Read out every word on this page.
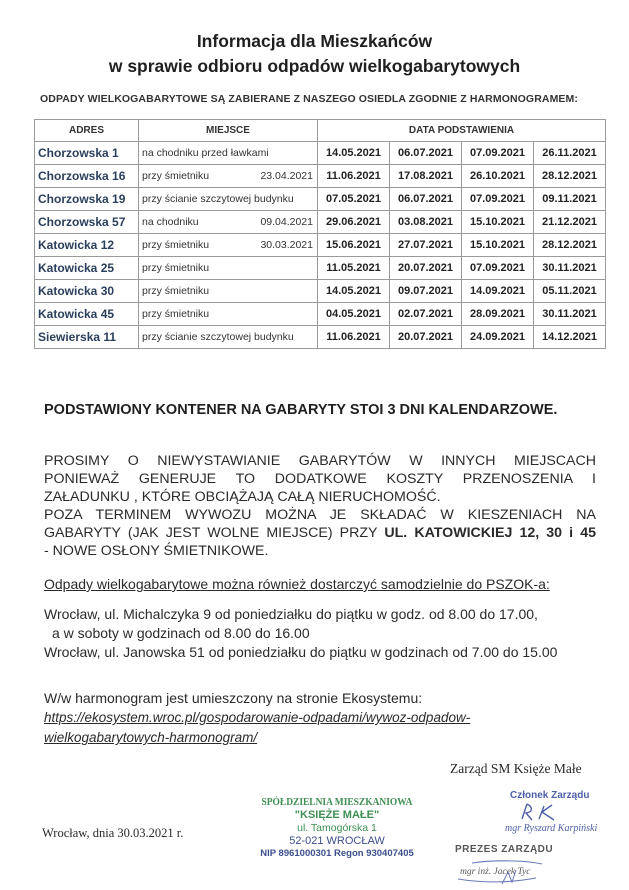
Informacja dla Mieszkańców
w sprawie odbioru odpadów wielkogabarytowych
ODPADY WIELKOGABARYTOWE SĄ ZABIERANE Z NASZEGO OSIEDLA ZGODNIE Z HARMONOGRAMEM:
ADRES	MIEJSCE	DATA PODSTAWIENIA			
Chorzowska 1	na chodniku przed ławkami	14.05.2021	06.07.2021	07.09.2021	26.11.2021
Chorzowska 16	przy śmietniku 23.04.2021	11.06.2021	17.08.2021	26.10.2021	28.12.2021
Chorzowska 19	przy ścianie szczytowej budynku	07.05.2021	06.07.2021	07.09.2021	09.11.2021
Chorzowska 57	na chodniku 09.04.2021	29.06.2021	03.08.2021	15.10.2021	21.12.2021
Katowicka 12	przy śmietniku 30.03.2021	15.06.2021	27.07.2021	15.10.2021	28.12.2021
Katowicka 25	przy śmietniku	11.05.2021	20.07.2021	07.09.2021	30.11.2021
Katowicka 30	przy śmietniku	14.05.2021	09.07.2021	14.09.2021	05.11.2021
Katowicka 45	przy śmietniku	04.05.2021	02.07.2021	28.09.2021	30.11.2021
Siewierska 11	przy ścianie szczytowej budynku	11.06.2021	20.07.2021	24.09.2021	14.12.2021
PODSTAWIONY KONTENER NA GABARYTY STOI 3 DNI KALENDARZOWE.
PROSIMY O NIEWYSTAWIANIE GABARYTÓW W INNYCH MIEJSCACH
PONIEWAŻ GENERUJE TO DODATKOWE KOSZTY PRZENOSZENIA I
ZAŁADUNKU , KTÓRE OBCIĄŻAJĄ CAŁĄ NIERUCHOMOŚĆ.
POZA TERMINEM WYWOZU MOŻNA JE SKŁADAĆ W KIESZENIACH NA
GABARYTY (JAK JEST WOLNE MIEJSCE) PRZY UL. KATOWICKIEJ 12, 30 i 45
- NOWE OSŁONY ŚMIETNIKOWE.
Odpady wielkogabarytowe można również dostarczyć samodzielnie do PSZOK-a:
Wrocław, ul. Michalczyka 9 od poniedziałku do piątku w godz. od 8.00 do 17.00,
a w soboty w godzinach od 8.00 do 16.00
Wrocław, ul. Janowska 51 od poniedziałku do piątku w godzinach od 7.00 do 15.00
W/w harmonogram jest umieszczony na stronie Ekosystemu:
https://ekosystem.wroc.pl/gospodarowanie-odpadami/wywoz-odpadow-
wielkogabarytowych-harmonogram/
Zarząd SM Księże Małe
Wrocław, dnia 30.03.2021 r.
SPÓŁDZIELNIA MIESZKANIOWA
"KSIĘŻE MAŁE"
ul. Tamogórska 1
52-021 WROCŁAW
NIP 8961000301 Regon 930407405
Członek Zarządu
mgr Ryszard Karpiński
PREZES ZARZĄDU
mgr inż. Jacek Tyc
